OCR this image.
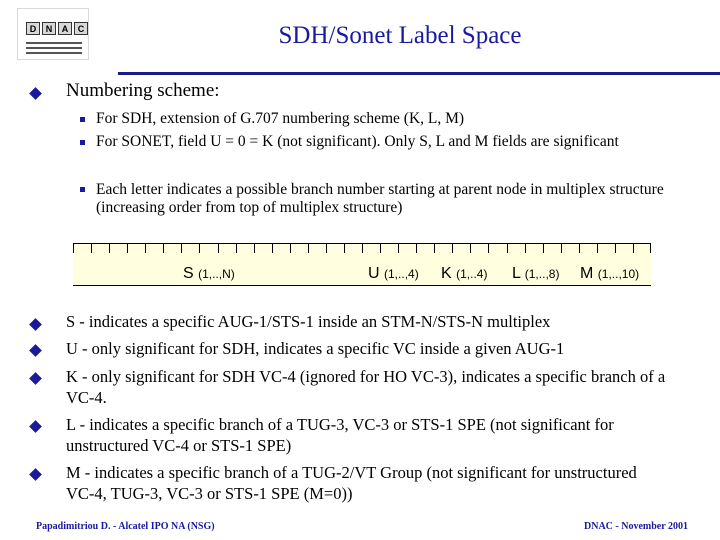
D	N	A	C	SDH/Sonet Label Space
Numbering scheme:
For SDH, extension of G.707 numbering scheme (K, L, M)
For SONET, field U = 0 = K (not significant). Only S, L and M fields are significant
Each letter indicates a possible branch number starting at parent node in multiplex structure (increasing order from top of multiplex structure)
S (1,..,N)	U (1,..,4) K (1,..4) L (1,..,8) M (1,..,10)
S - indicates a specific AUG-1/STS-1 inside an STM-N/STS-N multiplex
U - only significant for SDH, indicates a specific VC inside a given AUG-1
K - only significant for SDH VC-4 (ignored for HO VC-3), indicates a specific branch of a VC-4.
L - indicates a specific branch of a TUG-3, VC-3 or STS-1 SPE (not significant for unstructured VC-4 or STS-1 SPE)
M - indicates a specific branch of a TUG-2/VT Group (not significant for unstructured VC-4, TUG-3, VC-3 or STS-1 SPE (M=0))
Papadimitriou D. - Alcatel IPO NA (NSG)	DNAC - November 2001
